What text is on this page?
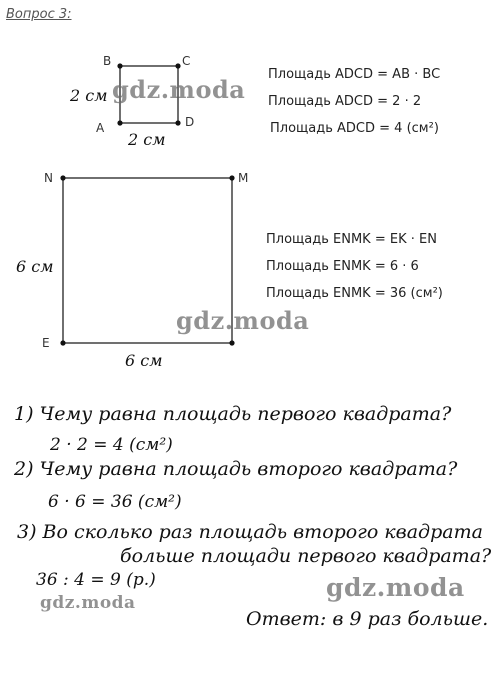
Вопрос 3:
B	C
A	D
2 см
2 см
Площадь ADCD = AB · BC
Площадь ADCD = 2 · 2
Площадь ADCD = 4 (см²)
N	M
E
6 см
6 см
Площадь ENMK = EK · EN
Площадь ENMK = 6 · 6
Площадь ENMK = 36 (см²)
1) Чему равна площадь первого квадрата?
2 · 2 = 4 (см²)
2) Чему равна площадь второго квадрата?
6 · 6 = 36 (см²)
3) Во сколько раз площадь второго квадрата
больше площади первого квадрата?
36 : 4 = 9 (р.)
Ответ: в 9 раз больше.
gdz.moda
gdz.moda
gdz.moda
gdz.moda
